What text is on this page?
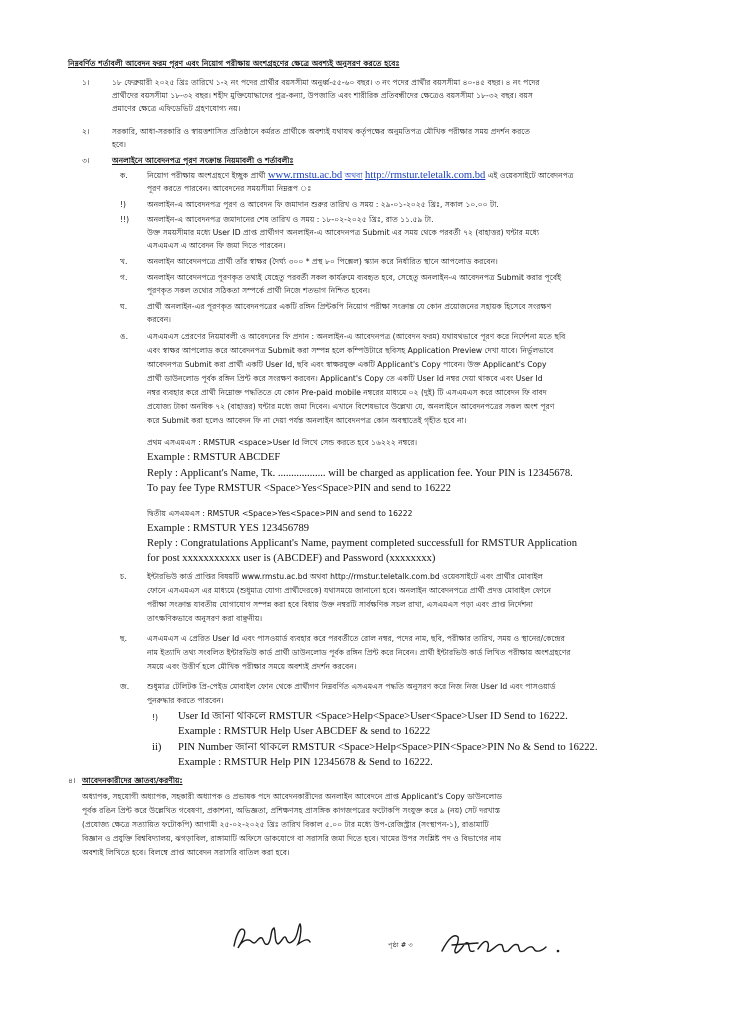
নিম্নবর্ণিত শর্তাবলী আবেদন ফরম পূরণ এবং নিয়োগ পরীক্ষায় অংশগ্রহণের ক্ষেত্রে অবশ্যই অনুসরণ করতে হবেঃ
১।	১৮ ফেব্রুয়ারী ২০২৫ খ্রিঃ তারিখে ১-২ নং পদের প্রার্থীর বয়সসীমা অনুর্ধ্ব-৫৫-৬০ বছর। ৩ নং পদের প্রার্থীর বয়সসীমা ৪০-৪৫ বছর। ৪ নং পদের
প্রার্থীদের বয়সসীমা ১৮-৩২ বছর। শহীদ মুক্তিযোদ্ধাদের পুত্র-কন্যা, উপজাতি এবং শারীরিক প্রতিবন্ধীদের ক্ষেত্রেও বয়সসীমা ১৮-৩২ বছর। বয়স
প্রমাণের ক্ষেত্রে এফিডেভিট গ্রহণযোগ্য নয়।
২।	সরকারি, আধা-সরকারি ও স্বায়ত্তশাসিত প্রতিষ্ঠানে কর্মরত প্রার্থীকে অবশ্যই যথাযথ কর্তৃপক্ষের অনুমতিপত্র মৌখিক পরীক্ষার সময় প্রদর্শন করতে
হবে।
৩।	অনলাইনে আবেদনপত্র পূরণ সংক্রান্ত নিয়মাবলী ও শর্তাবলীঃ
ক.	নিয়োগ পরীক্ষায় অংশগ্রহণে ইচ্ছুক প্রার্থী www.rmstu.ac.bd অথবা http://rmstur.teletalk.com.bd এই ওয়েবসাইটে আবেদনপত্র
পূরণ করতে পারবেন। আবেদনের সময়সীমা নিম্নরূপ ঃ
!)	অনলাইন-এ আবেদনপত্র পূরণ ও আবেদন ফি জমাদান শুরুর তারিখ ও সময় : ২৯-০১-২০২৫ খ্রিঃ, সকাল ১০.০০ টা.
!!) অনলাইন-এ আবেদনপত্র জমাদানের শেষ তারিখ ও সময় : ১৮-০২-২০২৫ খ্রিঃ, রাত ১১.৫৯ টা.
উক্ত সময়সীমার মধ্যে User ID প্রাপ্ত প্রার্থীগণ অনলাইন-এ আবেদনপত্র Submit এর সময় থেকে পরবর্তী ৭২ (বাহাত্তর) ঘন্টার মধ্যে
এসএমএস এ আবেদন ফি জমা দিতে পারবেন।
খ.	অনলাইন আবেদনপত্রে প্রার্থী তাঁর স্বাক্ষর (দৈর্ঘ্য ৩০০ * প্রস্থ ৮০ পিক্সেল) স্ক্যান করে নির্ধারিত স্থানে আপলোড করবেন।
গ.	অনলাইন আবেদনপত্রে পূরণকৃত তথ্যই যেহেতু পরবর্তী সকল কার্যক্রমে ব্যবহৃত হবে, সেহেতু অনলাইন-এ আবেদনপত্র Submit করার পূর্বেই
পূরণকৃত সকল তথ্যের সঠিকতা সম্পর্কে প্রার্থী নিজে শতভাগ নিশ্চিত হবেন।
ঘ.	প্রার্থী অনলাইন-এর পূরণকৃত আবেদনপত্রের একটি রঙ্গিন প্রিন্টকপি নিয়োগ পরীক্ষা সংক্রান্ত যে কোন প্রয়োজনের সহায়ক হিসেবে সংরক্ষণ
করবেন।
ঙ.	এসএমএস প্রেরণের নিয়মাবলী ও আবেদনের ফি প্রদান : অনলাইন-এ আবেদনপত্র (আবেদন ফরম) যথাযথভাবে পূরণ করে নির্দেশনা মতে ছবি
এবং স্বাক্ষর আপলোড করে আবেদনপত্র Submit করা সম্পন্ন হলে কম্পিউটারে ছবিসহ Application Preview দেখা যাবে। নির্ভুলভাবে
আবেদনপত্র Submit করা প্রার্থী একটি User Id, ছবি এবং স্বাক্ষরযুক্ত একটি Applicant's Copy পাবেন। উক্ত Applicant's Copy
প্রার্থী ডাউনলোড পূর্বক রঙ্গিন প্রিন্ট করে সংরক্ষণ করবেন। Applicant's Copy তে একটি User Id নম্বর দেয়া থাকবে এবং User Id
নম্বর ব্যবহার করে প্রার্থী নিম্নোক্ত পদ্ধতিতে যে কোন Pre-paid mobile নম্বরের মাধ্যমে ০২ (দুই) টি এসএমএস করে আবেদন ফি বাবদ
প্রযোজ্য টাকা অনধিক ৭২ (বাহাত্তর) ঘন্টার মধ্যে জমা দিবেন। এখানে বিশেষভাবে উল্লেখ্য যে, অনলাইনে আবেদনপত্রের সকল অংশ পূরণ
করে Submit করা হলেও আবেদন ফি না দেয়া পর্যন্ত অনলাইন আবেদনপত্র কোন অবস্থাতেই গৃহীত হবে না।
প্রথম এসএমএস : RMSTUR <space>User Id লিখে সেন্ড করতে হবে ১৬২২২ নম্বরে।
Example : RMSTUR ABCDEF
Reply : Applicant's Name, Tk. .................. will be charged as application fee. Your PIN is 12345678.
To pay fee Type RMSTUR <Space>Yes<Space>PIN and send to 16222
দ্বিতীয় এসএমএস : RMSTUR <Space>Yes<Space>PIN and send to 16222
Example : RMSTUR YES 123456789
Reply : Congratulations Applicant's Name, payment completed successfull for RMSTUR Application
for post xxxxxxxxxxx user is (ABCDEF) and Password (xxxxxxxx)
চ.	ইন্টারভিউ কার্ড প্রাপ্তির বিষয়টি www.rmstu.ac.bd অথবা http://rmstur.teletalk.com.bd ওয়েবসাইটে এবং প্রার্থীর মোবাইল
ফোনে এসএমএস এর মাধ্যমে (শুধুমাত্র যোগ্য প্রার্থীদেরকে) যথাসময়ে জানানো হবে। অনলাইন আবেদনপত্রে প্রার্থী প্রদত্ত মোবাইল ফোনে
পরীক্ষা সংক্রান্ত যাবতীয় যোগাযোগ সম্পন্ন করা হবে বিধায় উক্ত নম্বরটি সার্বক্ষণিক সচল রাখা, এসএমএস পড়া এবং প্রাপ্ত নির্দেশনা
তাৎক্ষণিকভাবে অনুসরণ করা বাঞ্ছনীয়।
ছ.	এসএমএস এ প্রেরিত User Id এবং পাসওয়ার্ড ব্যবহার করে পরবর্তীতে রোল নম্বর, পদের নাম, ছবি, পরীক্ষার তারিখ, সময় ও স্থানের/কেন্দ্রের
নাম ইত্যাদি তথ্য সংবলিত ইন্টারভিউ কার্ড প্রার্থী ডাউনলোড পূর্বক রঙ্গিন প্রিন্ট করে নিবেন। প্রার্থী ইন্টারভিউ কার্ড লিখিত পরীক্ষায় অংশগ্রহণের
সময়ে এবং উত্তীর্ণ হলে মৌখিক পরীক্ষার সময়ে অবশ্যই প্রদর্শন করবেন।
জ. শুধুমাত্র টেলিটক প্রি-পেইড মোবাইল ফোন থেকে প্রার্থীগণ নিম্নবর্ণিত এসএমএস পদ্ধতি অনুসরণ করে নিজ নিজ User Id এবং পাসওয়ার্ড
পুনরুদ্ধার করতে পারবেন।
!) User Id জানা থাকলে RMSTUR <Space>Help<Space>User<Space>User ID Send to 16222.
Example : RMSTUR Help User ABCDEF & send to 16222
ii) PIN Number জানা থাকলে RMSTUR <Space>Help<Space>PIN<Space>PIN No & Send to 16222.
Example : RMSTUR Help PIN 12345678 & Send to 16222.
৪। আবেদনকারীদের জ্ঞাতব্য/করণীয়:
অধ্যাপক, সহযোগী অধ্যাপক, সহকারী অধ্যাপক ও প্রভাষক পদে আবেদনকারীদের অনলাইন আবেদনে প্রাপ্ত Applicant's Copy ডাউনলোড
পূর্বক রঙিন প্রিন্ট করে উল্লেখিত গবেষণা, প্রকাশনা, অভিজ্ঞতা, প্রশিক্ষণসহ প্রাসঙ্গিক কাগজপত্রের ফটোকপি সংযুক্ত করে ৯ (নয়) সেট দরখাস্ত
(প্রযোজ্য ক্ষেত্রে সত্যায়িত ফটোকপি) আগামী ২৫-০২-২০২৫ খ্রিঃ তারিখ বিকাল ৫.০০ টার মধ্যে উপ-রেজিস্ট্রার (সংস্থাপন-১), রাঙামাটি
বিজ্ঞান ও প্রযুক্তি বিশ্ববিদ্যালয়, ঝগড়াবিল, রাঙ্গামাটি অফিসে ডাকযোগে বা সরাসরি জমা দিতে হবে। খামের উপর সংশ্লিষ্ট পদ ও বিভাগের নাম
অবশ্যই লিখিতে হবে। বিলম্বে প্রাপ্ত আবেদন সরাসরি বাতিল করা হবে।
পৃষ্ঠা # ৩
